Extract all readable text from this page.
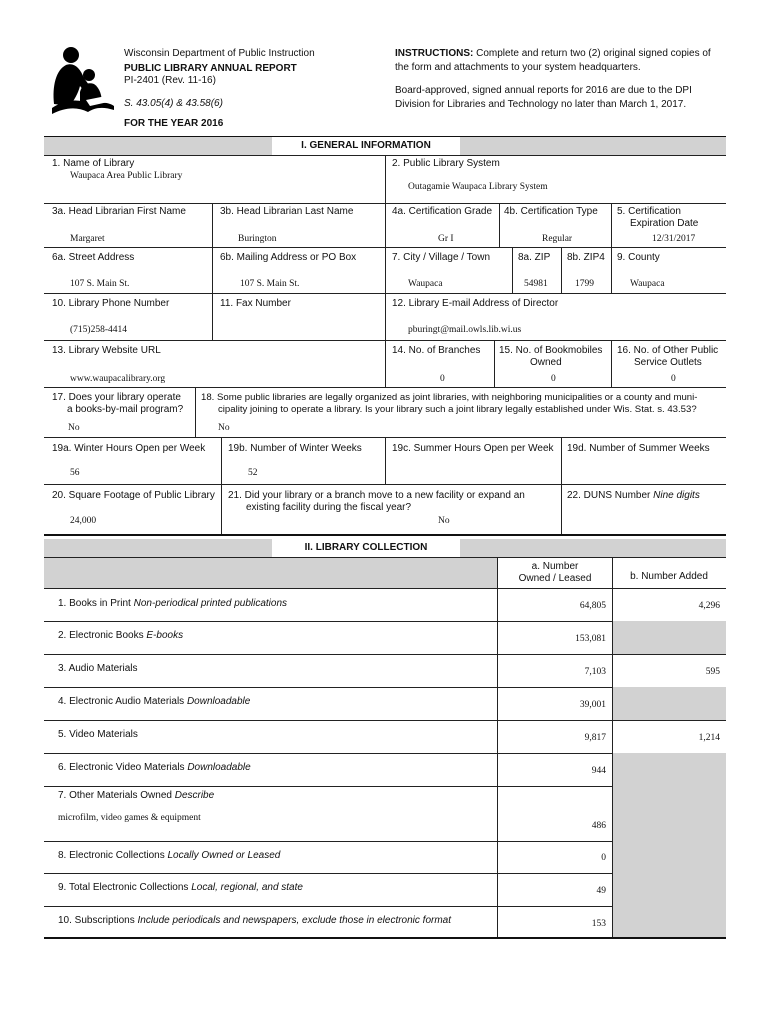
Wisconsin Department of Public Instruction
PUBLIC LIBRARY ANNUAL REPORT
PI-2401 (Rev. 11-16)
S. 43.05(4) & 43.58(6)
FOR THE YEAR 2016
INSTRUCTIONS: Complete and return two (2) original signed copies of
the form and attachments to your system headquarters.
Board-approved, signed annual reports for 2016 are due to the DPI
Division for Libraries and Technology no later than March 1, 2017.
I. GENERAL INFORMATION
1. Name of Library
Waupaca Area Public Library
2. Public Library System
Outagamie Waupaca Library System
3a. Head Librarian First Name
Margaret
3b. Head Librarian Last Name
Burington
4a. Certification Grade
Gr I
4b. Certification Type
Regular
5. Certification
Expiration Date
12/31/2017
6a. Street Address
107 S. Main St.
6b. Mailing Address or PO Box
107 S. Main St.
7. City / Village / Town
Waupaca
8a. ZIP
54981
8b. ZIP4
1799
9. County
Waupaca
10. Library Phone Number
(715)258-4414
11. Fax Number	12. Library E-mail Address of Director
pburingt@mail.owls.lib.wi.us
13. Library Website URL
www.waupacalibrary.org
14. No. of Branches
0
15. No. of Bookmobiles
Owned
0
16. No. of Other Public
Service Outlets
0
17. Does your library operate
a books-by-mail program?
No
18. Some public libraries are legally organized as joint libraries, with neighboring municipalities or a county and muni-
cipality joining to operate a library. Is your library such a joint library legally established under Wis. Stat. s. 43.53?
No
19a. Winter Hours Open per Week
56
19b. Number of Winter Weeks
52
19c. Summer Hours Open per Week 19d. Number of Summer Weeks
20. Square Footage of Public Library
24,000
21. Did your library or a branch move to a new facility or expand an
existing facility during the fiscal year?
No
22. DUNS Number Nine digits
II. LIBRARY COLLECTION
a. Number
Owned / Leased	b. Number Added
1. Books in Print Non-periodical printed publications	64,805	4,296
2. Electronic Books E-books	153,081
3. Audio Materials	7,103	595
4. Electronic Audio Materials Downloadable	39,001
5. Video Materials	9,817	1,214
6. Electronic Video Materials Downloadable	944
7. Other Materials Owned Describe
microfilm, video games & equipment
486
8. Electronic Collections Locally Owned or Leased	0
9. Total Electronic Collections Local, regional, and state	49
10. Subscriptions Include periodicals and newspapers, exclude those in electronic format	153
